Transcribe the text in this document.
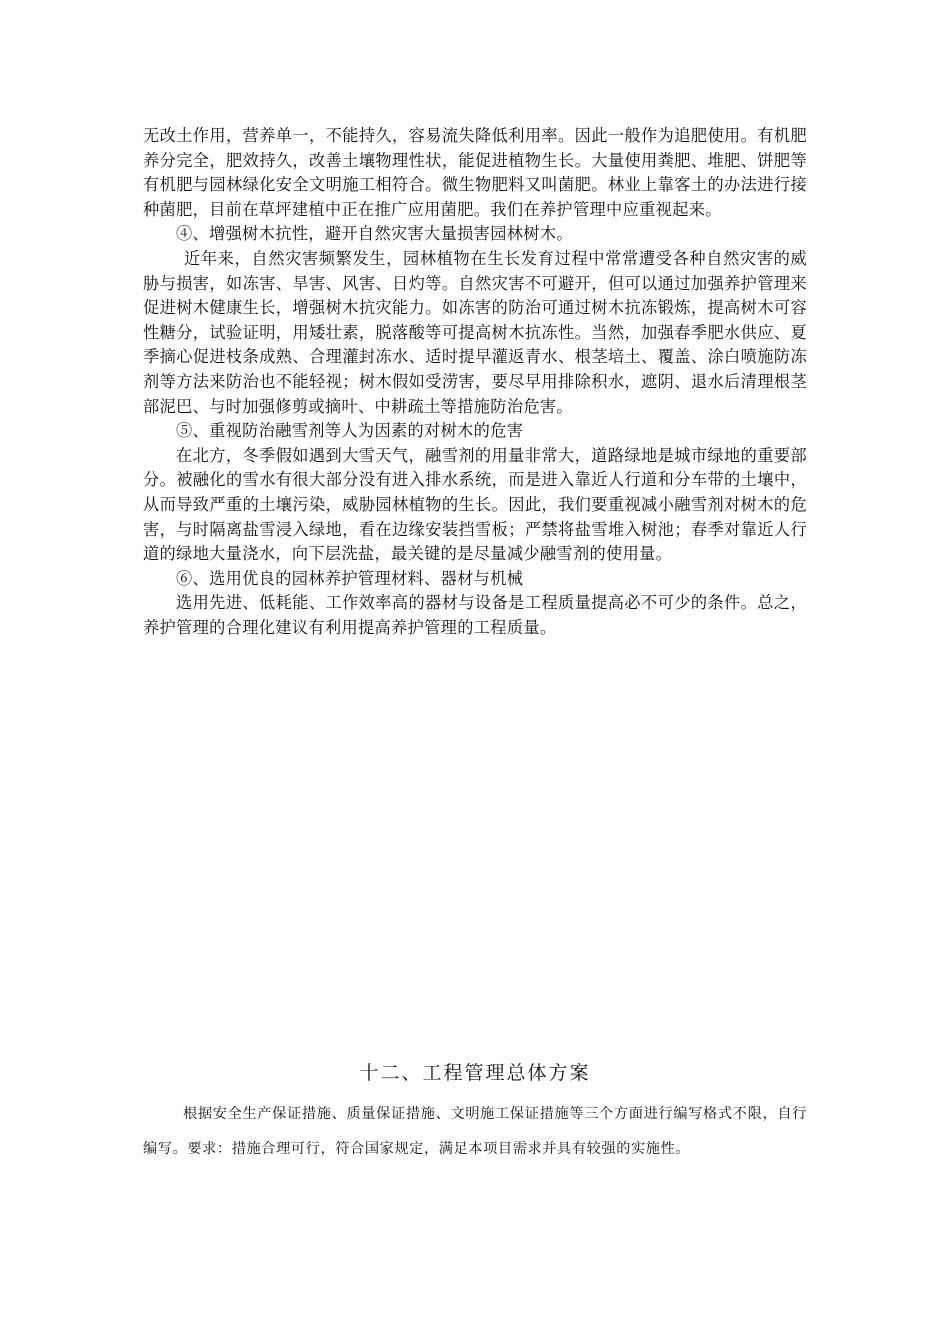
无改土作用，营养单一，不能持久，容易流失降低利用率。因此一般作为追肥使用。有机肥养分完全，肥效持久，改善土壤物理性状，能促进植物生长。大量使用粪肥、堆肥、饼肥等有机肥与园林绿化安全文明施工相符合。微生物肥料又叫菌肥。林业上靠客土的办法进行接种菌肥，目前在草坪建植中正在推广应用菌肥。我们在养护管理中应重视起来。

④、增强树木抗性，避开自然灾害大量损害园林树木。

近年来，自然灾害频繁发生，园林植物在生长发育过程中常常遭受各种自然灾害的威胁与损害，如冻害、旱害、风害、日灼等。自然灾害不可避开，但可以通过加强养护管理来促进树木健康生长，增强树木抗灾能力。如冻害的防治可通过树木抗冻锻炼，提高树木可容性糖分，试验证明，用矮壮素，脱落酸等可提高树木抗冻性。当然，加强春季肥水供应、夏季摘心促进枝条成熟、合理灌封冻水、适时提早灌返青水、根茎培土、覆盖、涂白喷施防冻剂等方法来防治也不能轻视；树木假如受涝害，要尽早用排除积水，遮阴、退水后清理根茎部泥巴、与时加强修剪或摘叶、中耕疏土等措施防治危害。

⑤、重视防治融雪剂等人为因素的对树木的危害

在北方，冬季假如遇到大雪天气，融雪剂的用量非常大，道路绿地是城市绿地的重要部分。被融化的雪水有很大部分没有进入排水系统，而是进入靠近人行道和分车带的土壤中，从而导致严重的土壤污染，威胁园林植物的生长。因此，我们要重视减小融雪剂对树木的危害，与时隔离盐雪浸入绿地，看在边缘安装挡雪板；严禁将盐雪堆入树池；春季对靠近人行道的绿地大量浇水，向下层洗盐，最关键的是尽量减少融雪剂的使用量。

⑥、选用优良的园林养护管理材料、器材与机械

选用先进、低耗能、工作效率高的器材与设备是工程质量提高必不可少的条件。总之，养护管理的合理化建议有利用提高养护管理的工程质量。

十二、工程管理总体方案

根据安全生产保证措施、质量保证措施、文明施工保证措施等三个方面进行编写格式不限，自行编写。要求：措施合理可行，符合国家规定，满足本项目需求并具有较强的实施性。
